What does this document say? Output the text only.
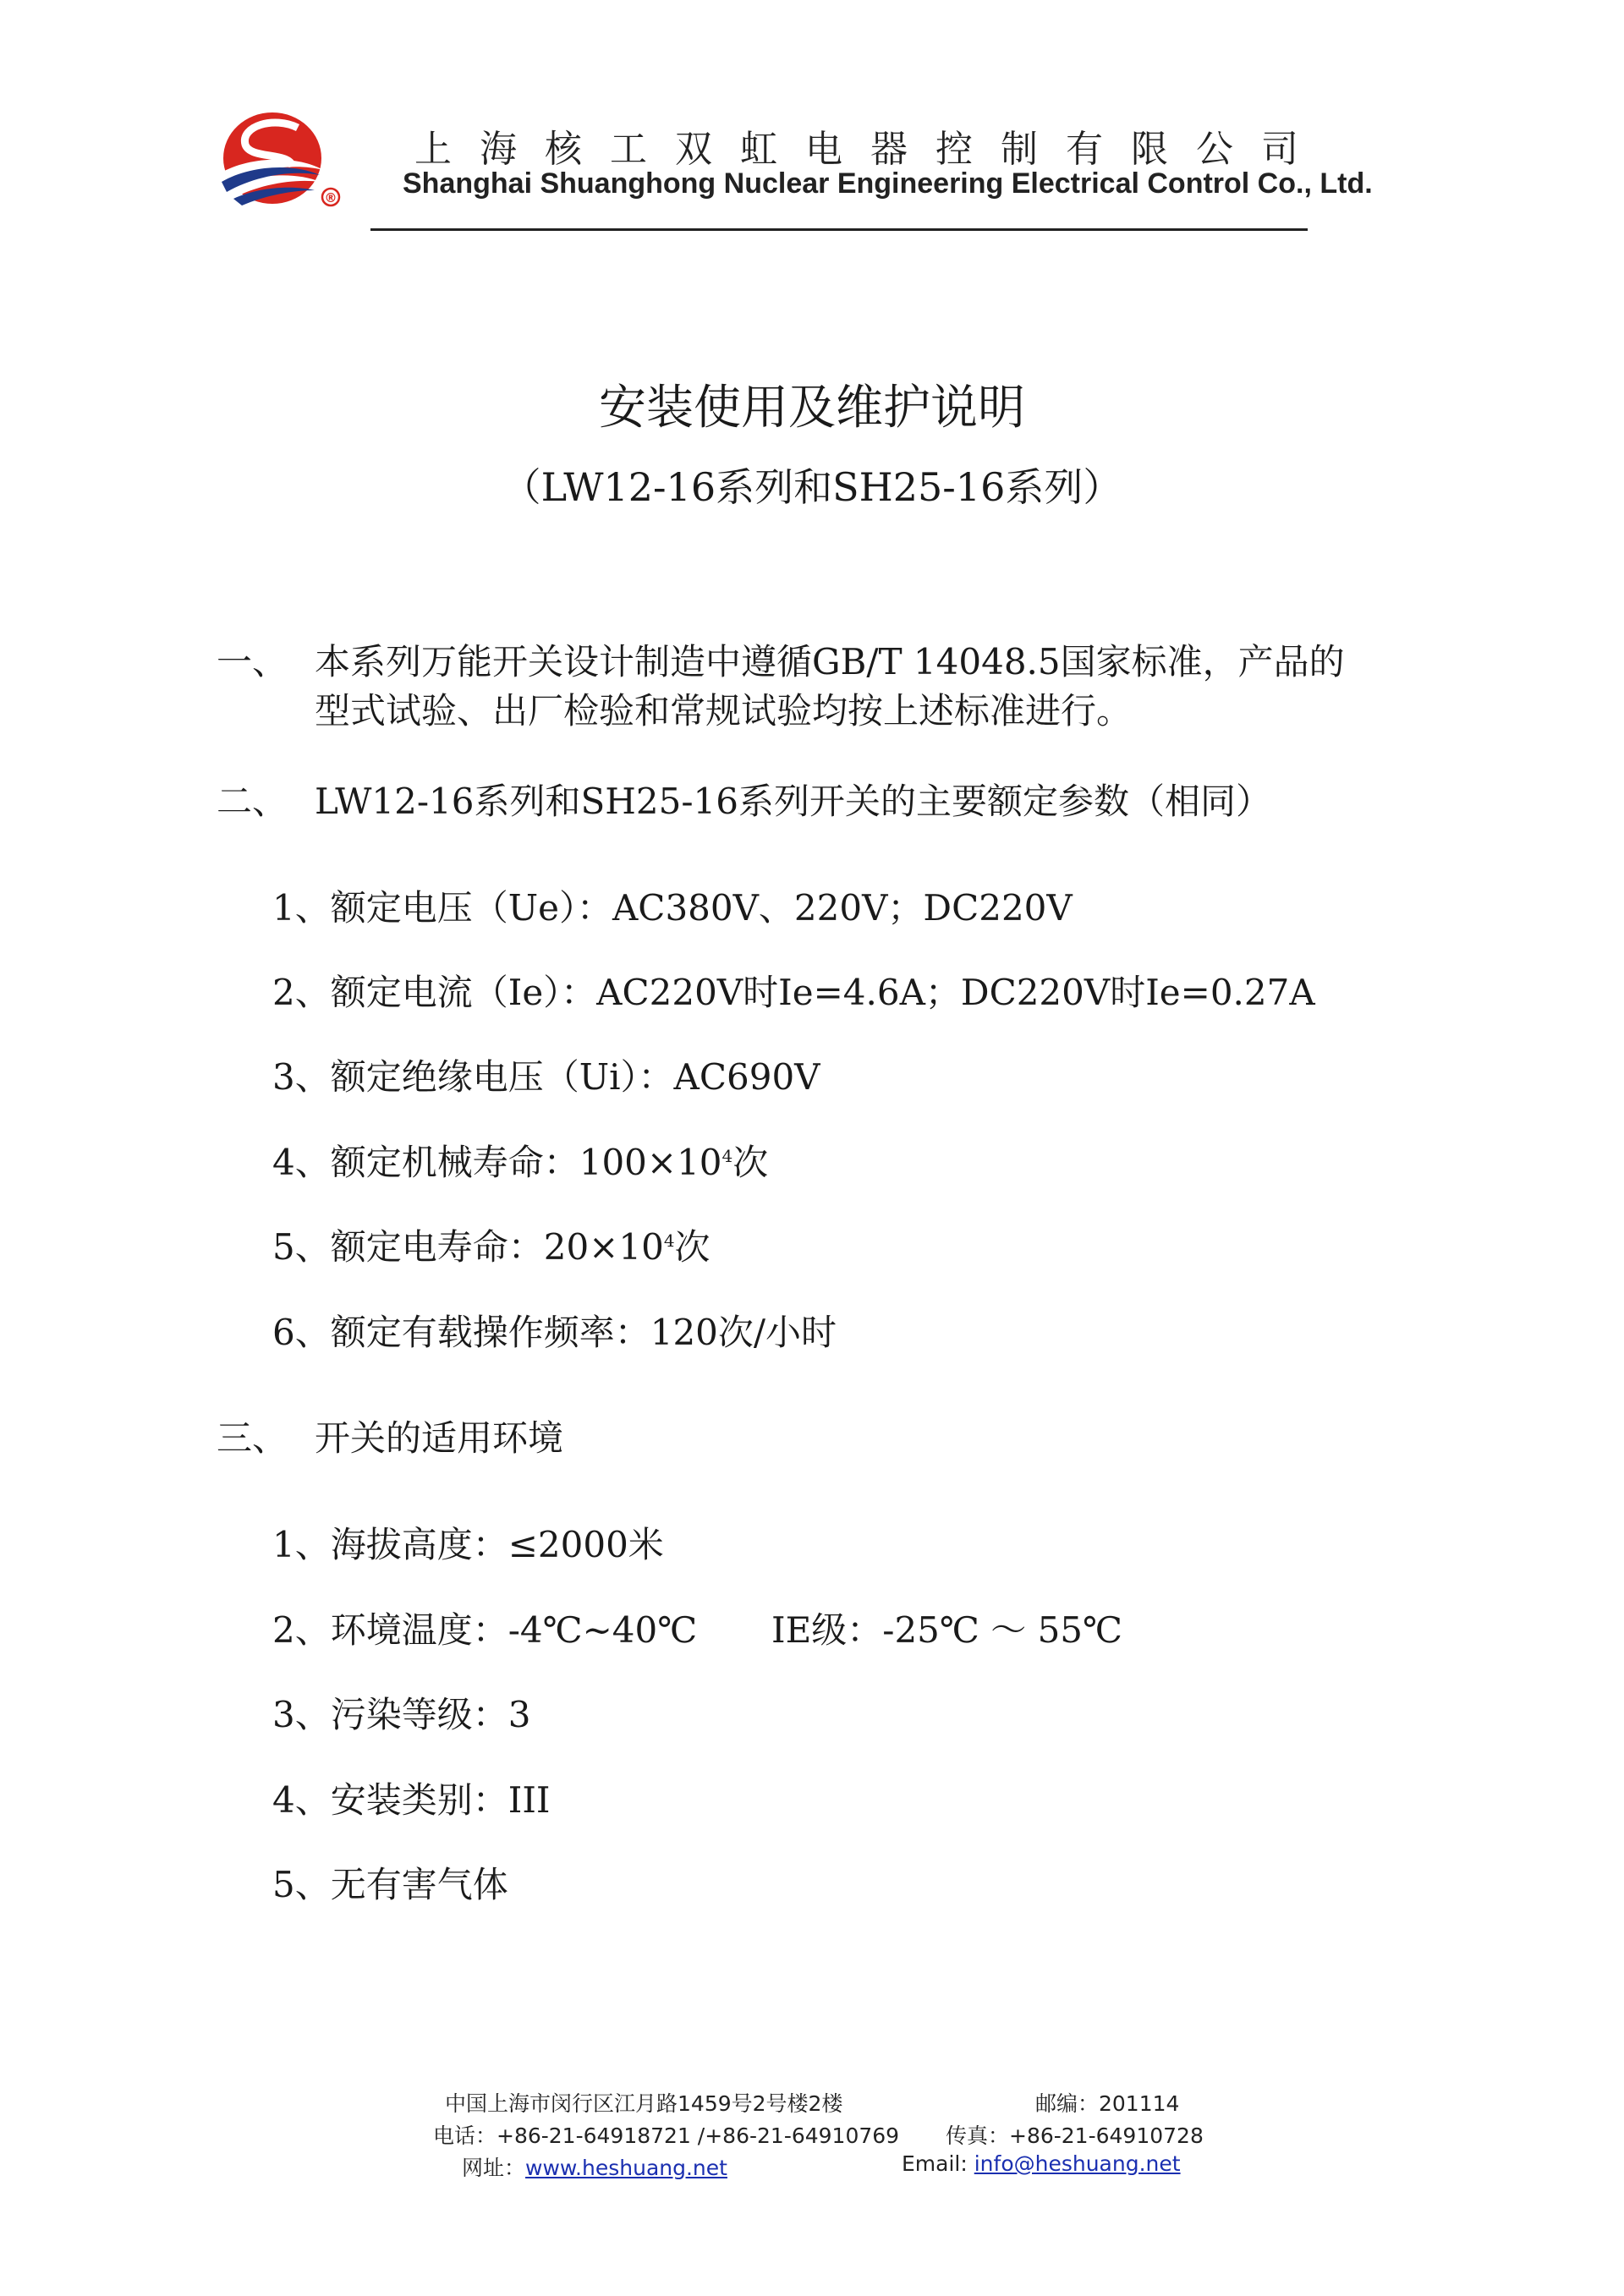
®
上海核工双虹电器控制有限公司
Shanghai Shuanghong Nuclear Engineering Electrical Control Co., Ltd.
安装使用及维护说明
（LW12-16系列和SH25-16系列）
一、 本系列万能开关设计制造中遵循GB/T 14048.5国家标准，产品的
型式试验、出厂检验和常规试验均按上述标准进行。
二、 LW12-16系列和SH25-16系列开关的主要额定参数（相同）
1、额定电压（Ue）：AC380V、220V；DC220V
2、额定电流（Ie）：AC220V时Ie=4.6A；DC220V时Ie=0.27A
3、额定绝缘电压（Ui）：AC690V
4、额定机械寿命：$100\times 10^4$次
5、额定电寿命：$20\times 10^4$次
6、额定有载操作频率：120次/小时
三、 开关的适用环境
1、海拔高度：≤2000米
2、环境温度：-4℃~40℃ IE级：-25℃ ～ 55℃
3、污染等级：3
4、安装类别：III
5、无有害气体
中国上海市闵行区江月路1459号2号楼2楼	邮编：201114
电话：+86-21-64918721 /+86-21-64910769 传真：+86-21-64910728
网址：www.heshuang.net	Email: info@heshuang.net
